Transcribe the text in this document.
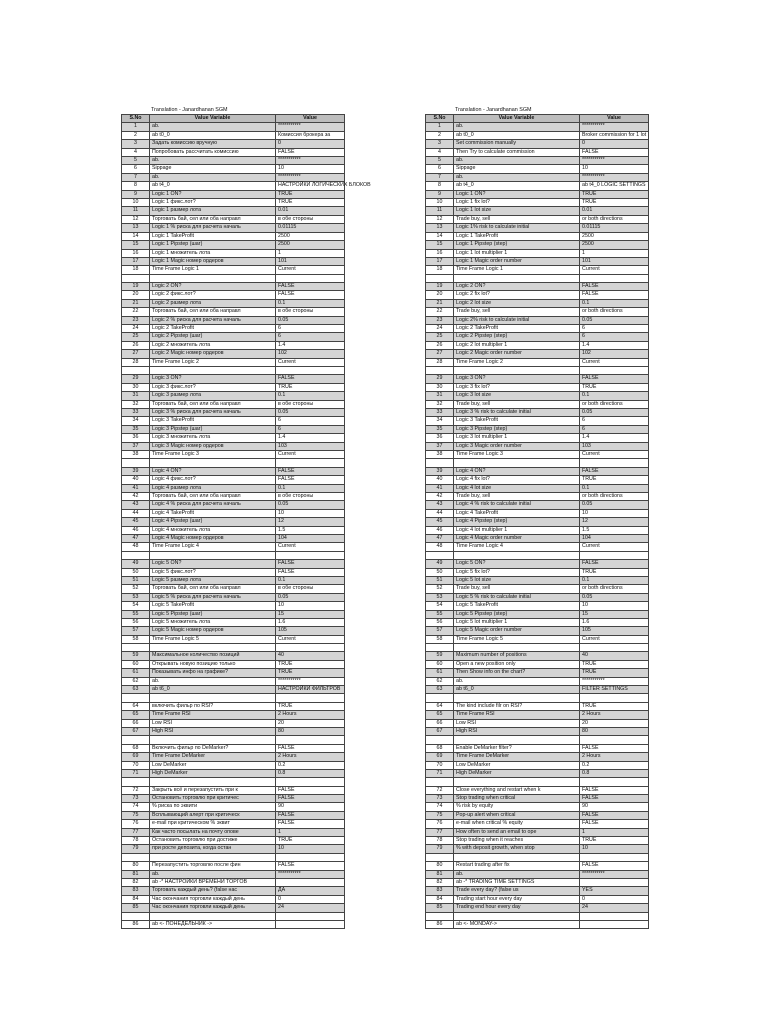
Translation - Janardhanan SGM
S.No	Value Variable	Value
1	ab.	***********
2	ab t0_0	Комиссия брокера за
3	Задать комиссию вручную	0
4	Попробовать рассчитать комиссию	FALSE
5	ab.	***********
6	Sippage	10
7	ab.	***********
8	ab t4_0	НАСТРОЙКИ ЛОГИЧЕСКИХ БЛОКОВ
9	Logic 1 ON?	TRUE
10	Logic 1 фикс.лот?	TRUE
11	Logic 1 размер лота	0.01
12	Торговать бай, сел или оба направл	в обе стороны
13	Logic 1 % риска для расчета началь	0.01115
14	Logic 1 TakeProfit	2500
15	Logic 1 Pipstep (шаг)	2500
16	Logic 1 множитель лота	1
17	Logic 1 Magic номер ордеров	101
18	Time Frame Logic 1	Current

19	Logic 2 ON?	FALSE
20	Logic 2 фикс.лот?	FALSE
21	Logic 2 размер лота	0.1
22	Торговать бай, сел или оба направл	в обе стороны
23	Logic 2 % риска для расчета началь	0.05
24	Logic 2 TakeProfit	6
25	Logic 2 Pipstep (шаг)	6
26	Logic 2 множитель лота	1.4
27	Logic 2 Magic номер ордеров	102
28	Time Frame Logic 2	Current

29	Logic 3 ON?	FALSE
30	Logic 3 фикс.лот?	TRUE
31	Logic 3 размер лота	0.1
32	Торговать бай, сел или оба направл	в обе стороны
33	Logic 3 % риска для расчета началь	0.05
34	Logic 3 TakeProfit	6
35	Logic 3 Pipstep (шаг)	6
36	Logic 3 множитель лота	1.4
37	Logic 3 Magic номер ордеров	103
38	Time Frame Logic 3	Current

39	Logic 4 ON?	FALSE
40	Logic 4 фикс.лот?	FALSE
41	Logic 4 размер лота	0.1
42	Торговать бай, сел или оба направл	в обе стороны
43	Logic 4 % риска для расчета началь	0.05
44	Logic 4 TakeProfit	10
45	Logic 4 Pipstep (шаг)	12
46	Logic 4 множитель лота	1.5
47	Logic 4 Magic номер ордеров	104
48	Time Frame Logic 4	Current

49	Logic 5 ON?	FALSE
50	Logic 5 фикс.лот?	FALSE
51	Logic 5 размер лота	0.1
52	Торговать бай, сел или оба направл	в обе стороны
53	Logic 5 % риска для расчета началь	0.05
54	Logic 5 TakeProfit	10
55	Logic 5 Pipstep (шаг)	15
56	Logic 5 множитель лота	1.6
57	Logic 5 Magic номер ордеров	105
58	Time Frame Logic 5	Current

59	Максимальное количество позиций	40
60	Открывать новую позицию только	TRUE
61	Показывать инфо на графике?	TRUE
62	ab.	***********
63	ab t6_0	НАСТРОЙКИ ФИЛЬТРОВ

64	включить фильр по RSI?	TRUE
65	Time Frame RSI	2 Hours
66	Low RSI	20
67	High RSI	80

68	Включить фильр по DeMarker?	FALSE
69	Time Frame DeMarker	2 Hours
70	Low DeMarker	0.2
71	High DeMarker	0.8

72	Закрыть всё и перезапустить при к	FALSE
73	Остановить торговлю при критичес	FALSE
74	% риска по эквити	90
75	Всплывающий алерт при критическ	FALSE
76	e-mail при критическом % эквит	FALSE
77	Как часто посылать на почту опове	1
78	Остановить торговлю при достиже	TRUE
79	при росте депозита, когда остан	10

80	Перезапустить торговлю после фин	FALSE
81	ab.	***********
82	ab -* НАСТРОЙКИ ВРЕМЕНИ ТОРГОВ	
83	Торговать каждый день? (false нас	ДА
84	Час окончания торговли каждый день	0
85	Час окончания торговли каждый день	24

86	ab <- ПОНЕДЕЛЬНИК ->	
Translation - Janardhanan SGM
S.No	Value Variable	Value
1	ab.	***********
2	ab t0_0	Broker commission for 1 lot
3	Set commission manually	0
4	Then Try to calculate commission	FALSE
5	ab.	***********
6	Sippage	10
7	ab.	***********
8	ab t4_0	ab t4_0 LOGIC SETTINGS
9	Logic 1 ON?	TRUE
10	Logic 1 fix lot?	TRUE
11	Logic 1 lot size	0.01
12	Trade buy, sell	or both directions
13	Logic 1% risk to calculate initial	0.01115
14	Logic 1 TakeProfit	2500
15	Logic 1 Pipstep (step)	2500
16	Logic 1 lot multiplier 1	1
17	Logic 1 Magic order number	101
18	Time Frame Logic 1	Current

19	Logic 2 ON?	FALSE
20	Logic 2 fix lot?	FALSE
21	Logic 2 lot size	0.1
22	Trade buy, sell	or both directions
23	Logic 2% risk to calculate initial	0.05
24	Logic 2 TakeProfit	6
25	Logic 2 Pipstep (step)	6
26	Logic 2 lot multiplier 1	1.4
27	Logic 2 Magic order number	102
28	Time Frame Logic 2	Current

29	Logic 3 ON?	FALSE
30	Logic 3 fix lot?	TRUE
31	Logic 3 lot size	0.1
32	Trade buy, sell	or both directions
33	Logic 3 % risk to calculate initial	0.05
34	Logic 3 TakeProfit	6
35	Logic 3 Pipstep (step)	6
36	Logic 3 lot multiplier 1	1.4
37	Logic 3 Magic order number	103
38	Time Frame Logic 3	Current

39	Logic 4 ON?	FALSE
40	Logic 4 fix lot?	TRUE
41	Logic 4 lot size	0.1
42	Trade buy, sell	or both directions
43	Logic 4 % risk to calculate initial	0.05
44	Logic 4 TakeProfit	10
45	Logic 4 Pipstep (step)	12
46	Logic 4 lot multiplier 1	1.5
47	Logic 4 Magic order number	104
48	Time Frame Logic 4	Current

49	Logic 5 ON?	FALSE
50	Logic 5 fix lot?	TRUE
51	Logic 5 lot size	0.1
52	Trade buy, sell	or both directions
53	Logic 5 % risk to calculate initial	0.05
54	Logic 5 TakeProfit	10
55	Logic 5 Pipstep (step)	15
56	Logic 5 lot multiplier 1	1.6
57	Logic 5 Magic order number	105
58	Time Frame Logic 5	Current

59	Maximum number of positions	40
60	Open a new position only	TRUE
61	Then Show info on the chart?	TRUE
62	ab.	***********
63	ab t6_0	FILTER SETTINGS

64	The kind include filr on RSI?	TRUE
65	Time Frame RSI	2 Hours
66	Low RSI	20
67	High RSI	80

68	Enable DeMarker filter?	FALSE
69	Time Frame DeMarker	2 Hours
70	Low DeMarker	0.2
71	High DeMarker	0.8

72	Close everything and restart when k	FALSE
73	Stop trading when critical	FALSE
74	% risk by equity	90
75	Pop-up alert when critical	FALSE
76	e-mail when critical % equity	FALSE
77	How often to send an email to ope	1
78	Stop trading when it reaches	TRUE
79	% with deposit growth, when stop	10

80	Restart trading after fix	FALSE
81	ab.	***********
82	ab -* TRADING TIME SETTINGS	
83	Trade every day? (false us	YES
84	Trading start hour every day	0
85	Trading end hour every day	24

86	ab <- MONDAY->	
